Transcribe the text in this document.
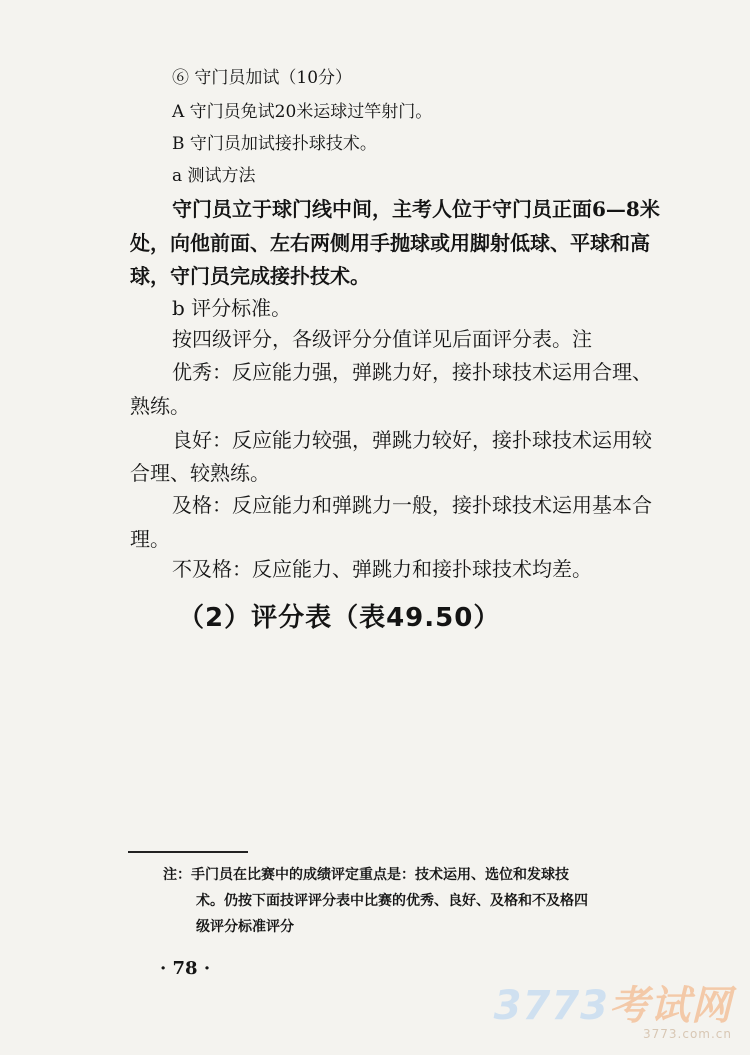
⑥ 守门员加试（10分）
A 守门员免试20米运球过竿射门。
B 守门员加试接扑球技术。
a 测试方法
守门员立于球门线中间，主考人位于守门员正面6—8米
处，向他前面、左右两侧用手抛球或用脚射低球、平球和高
球，守门员完成接扑技术。
b 评分标准。
按四级评分，各级评分分值详见后面评分表。注
优秀：反应能力强，弹跳力好，接扑球技术运用合理、
熟练。
良好：反应能力较强，弹跳力较好，接扑球技术运用较
合理、较熟练。
及格：反应能力和弹跳力一般，接扑球技术运用基本合
理。
不及格：反应能力、弹跳力和接扑球技术均差。
（2）评分表（表49.50）
注：手门员在比赛中的成绩评定重点是：技术运用、选位和发球技
术。仍按下面技评评分表中比赛的优秀、良好、及格和不及格四
级评分标准评分
· 78 ·
3773考试网
3773.com.cn
